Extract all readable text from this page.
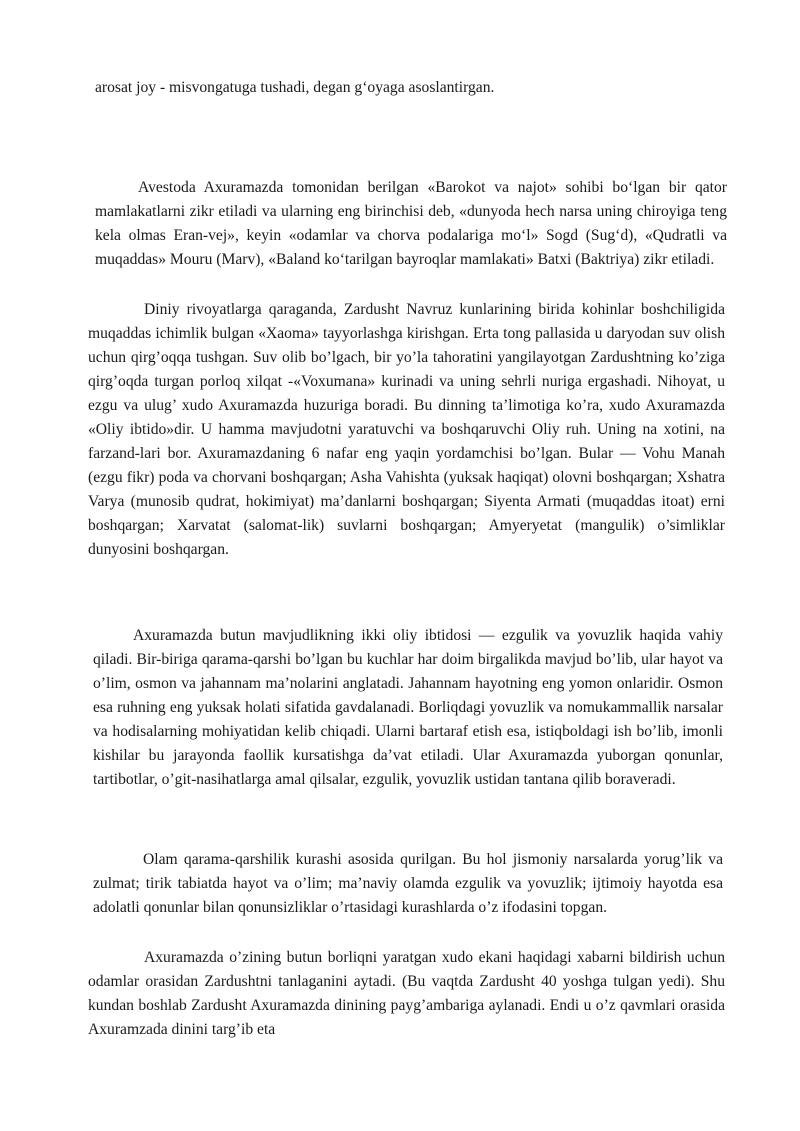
arosat joy - misvongatuga tushadi, degan g‘oyaga asoslantirgan.

Avestoda Axuramazda tomonidan berilgan «Barokot va najot» sohibi bo‘lgan bir qator mamlakatlarni zikr etiladi va ularning eng birinchisi deb, «dunyoda hech narsa uning chiroyiga teng kela olmas Eran-vej», keyin «odamlar va chorva podalariga mo‘l» Sogd (Sug‘d), «Qudratli va muqaddas» Mouru (Marv), «Baland ko‘tarilgan bayroqlar mamlakati» Batxi (Baktriya) zikr etiladi.

Diniy rivoyatlarga qaraganda, Zardusht Navruz kunlarining birida kohinlar boshchiligida muqaddas ichimlik bulgan «Xaoma» tayyorlashga kirishgan. Erta tong pallasida u daryodan suv olish uchun qirg’oqqa tushgan. Suv olib bo’lgach, bir yo’la tahoratini yangilayotgan Zardushtning ko’ziga qirg’oqda turgan porloq xilqat -«Voxumana» kurinadi va uning sehrli nuriga ergashadi. Nihoyat, u ezgu va ulug’ xudo Axuramazda huzuriga boradi. Bu dinning ta’limotiga ko’ra, xudo Axuramazda «Oliy ibtido»dir. U hamma mavjudotni yaratuvchi va boshqaruvchi Oliy ruh. Uning na xotini, na farzand-lari bor. Axuramazdaning 6 nafar eng yaqin yordamchisi bo’lgan. Bular — Vohu Manah (ezgu fikr) poda va chorvani boshqargan; Asha Vahishta (yuksak haqiqat) olovni boshqargan; Xshatra Varya (munosib qudrat, hokimiyat) ma’danlarni boshqargan; Siyenta Armati (muqaddas itoat) erni boshqargan; Xarvatat (salomat-lik) suvlarni boshqargan; Amyeryetat (mangulik) o’simliklar dunyosini boshqargan.

Axuramazda butun mavjudlikning ikki oliy ibtidosi — ezgulik va yovuzlik haqida vahiy qiladi. Bir-biriga qarama-qarshi bo’lgan bu kuchlar har doim birgalikda mavjud bo’lib, ular hayot va o’lim, osmon va jahannam ma’nolarini anglatadi. Jahannam hayotning eng yomon onlaridir. Osmon esa ruhning eng yuksak holati sifatida gavdalanadi. Borliqdagi yovuzlik va nomukammallik narsalar va hodisalarning mohiyatidan kelib chiqadi. Ularni bartaraf etish esa, istiqboldagi ish bo’lib, imonli kishilar bu jarayonda faollik kursatishga da’vat etiladi. Ular Axuramazda yuborgan qonunlar, tartibotlar, o’git-nasihatlarga amal qilsalar, ezgulik, yovuzlik ustidan tantana qilib boraveradi.

Olam qarama-qarshilik kurashi asosida qurilgan. Bu hol jismoniy narsalarda yorug’lik va zulmat; tirik tabiatda hayot va o’lim; ma’naviy olamda ezgulik va yovuzlik; ijtimoiy hayotda esa adolatli qonunlar bilan qonunsizliklar o’rtasidagi kurashlarda o’z ifodasini topgan.

Axuramazda o’zining butun borliqni yaratgan xudo ekani haqidagi xabarni bildirish uchun odamlar orasidan Zardushtni tanlaganini aytadi. (Bu vaqtda Zardusht 40 yoshga tulgan yedi). Shu kundan boshlab Zardusht Axuramazda dinining payg’ambariga aylanadi. Endi u o’z qavmlari orasida Axuramzada dinini targ’ib eta
